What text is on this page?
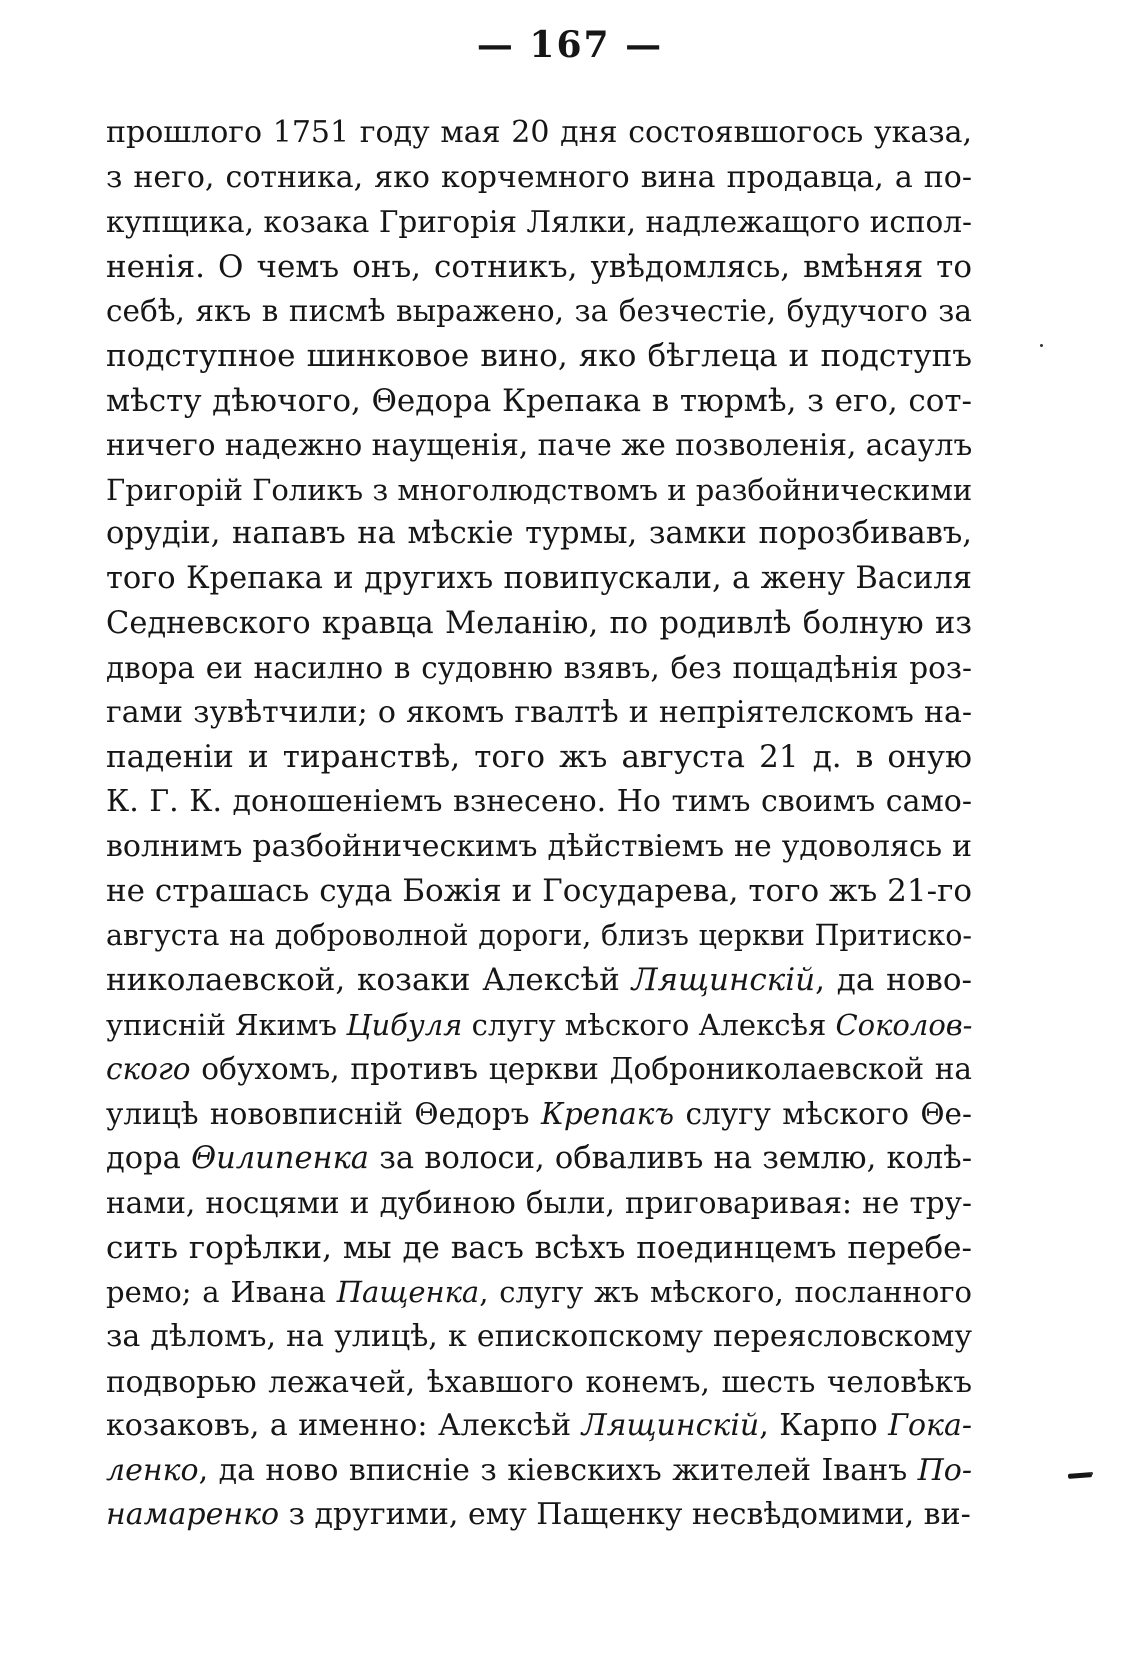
— 167 —
прошлого 1751 году мая 20 дня состоявшогось указа,
з него, сотника, яко корчемного вина продавца, а по-
купщика, козака Григорія Лялки, надлежащого испол-
ненія. О чемъ онъ, сотникъ, увѣдомлясь, вмѣняя то
себѣ, якъ в писмѣ выражено, за безчестіе, будучого за
подступное шинковое вино, яко бѣглеца и подступъ
мѣсту дѣючого, Θедора Крепака в тюрмѣ, з его, сот-
ничего надежно наущенія, паче же позволенія, асаулъ
Григорій Голикъ з многолюдствомъ и разбойническими
орудіи, напавъ на мѣскіе турмы, замки порозбивавъ,
того Крепака и другихъ повипускали, а жену Василя
Седневского кравца Меланію, по родивлѣ болную из
двора еи насилно в судовню взявъ, без пощадѣнія роз-
гами зувѣтчили; о якомъ гвалтѣ и непріятелскомъ на-
паденіи и тиранствѣ, того жъ августа 21 д. в оную
К. Г. К. доношеніемъ взнесено. Но тимъ своимъ само-
волнимъ разбойническимъ дѣйствіемъ не удоволясь и
не страшась суда Божія и Государева, того жъ 21-го
августа на доброволной дороги, близъ церкви Притиско-
николаевской, козаки Алексѣй Лящинскій, да ново-
уписній Якимъ Цибуля слугу мѣского Алексѣя Соколов-
ского обухомъ, противъ церкви Доброниколаевской на
улицѣ нововписній Θедоръ Крепакъ слугу мѣского Θе-
дора Θилипенка за волоси, обваливъ на землю, колѣ-
нами, носцями и дубиною были, приговаривая: не тру-
сить горѣлки, мы де васъ всѣхъ поединцемъ перебе-
ремо; а Ивана Пащенка, слугу жъ мѣского, посланного
за дѣломъ, на улицѣ, к епископскому переясловскому
подворью лежачей, ѣхавшого конемъ, шесть человѣкъ
козаковъ, а именно: Алексѣй Лящинскій, Карпо Гока-
ленко, да ново вписніе з кіевскихъ жителей Іванъ По-
намаренко з другими, ему Пащенку несвѣдомими, ви-
